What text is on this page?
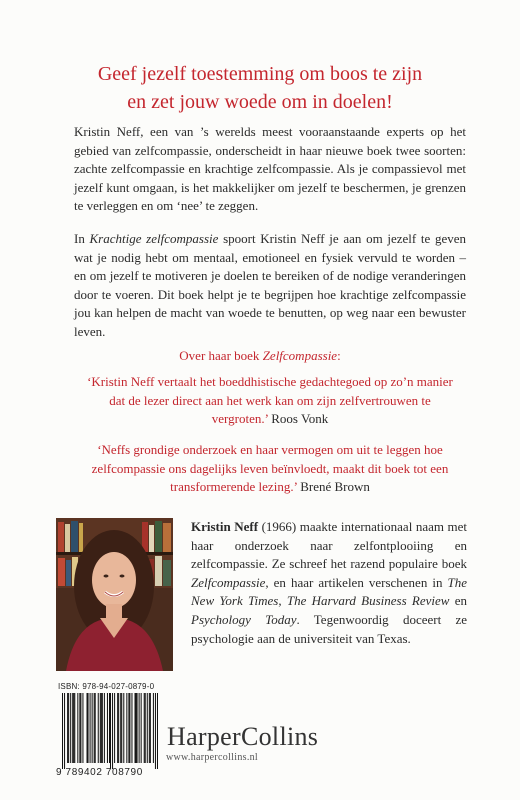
Geef jezelf toestemming om boos te zijn
en zet jouw woede om in doelen!
Kristin Neff, een van ’s werelds meest vooraanstaande experts op het gebied van zelfcompassie, onderscheidt in haar nieuwe boek twee soorten: zachte zelfcompassie en krachtige zelfcompassie. Als je compassievol met jezelf kunt omgaan, is het makkelijker om jezelf te beschermen, je grenzen te verleggen en om ‘nee’ te zeggen.
In Krachtige zelfcompassie spoort Kristin Neff je aan om jezelf te geven wat je nodig hebt om mentaal, emotioneel en fysiek vervuld te worden – en om jezelf te motiveren je doelen te bereiken of de nodige veranderingen door te voeren. Dit boek helpt je te begrijpen hoe krachtige zelfcompassie jou kan helpen de macht van woede te benutten, op weg naar een bewuster leven.
Over haar boek Zelfcompassie:
‘Kristin Neff vertaalt het boeddhistische gedachtegoed op zo’n manier dat de lezer direct aan het werk kan om zijn zelfvertrouwen te vergroten.’ Roos Vonk
‘Neffs grondige onderzoek en haar vermogen om uit te leggen hoe zelfcompassie ons dagelijks leven beïnvloedt, maakt dit boek tot een transformerende lezing.’ Brené Brown
Kristin Neff (1966) maakte internationaal naam met haar onderzoek naar zelfontplooiing en zelfcompassie. Ze schreef het razend populaire boek Zelfcompassie, en haar artikelen verschenen in The New York Times, The Harvard Business Review en Psychology Today. Tegenwoordig doceert ze psychologie aan de universiteit van Texas.
ISBN: 978-94-027-0879-0
9 789402 708790
HarperCollins
www.harpercollins.nl
